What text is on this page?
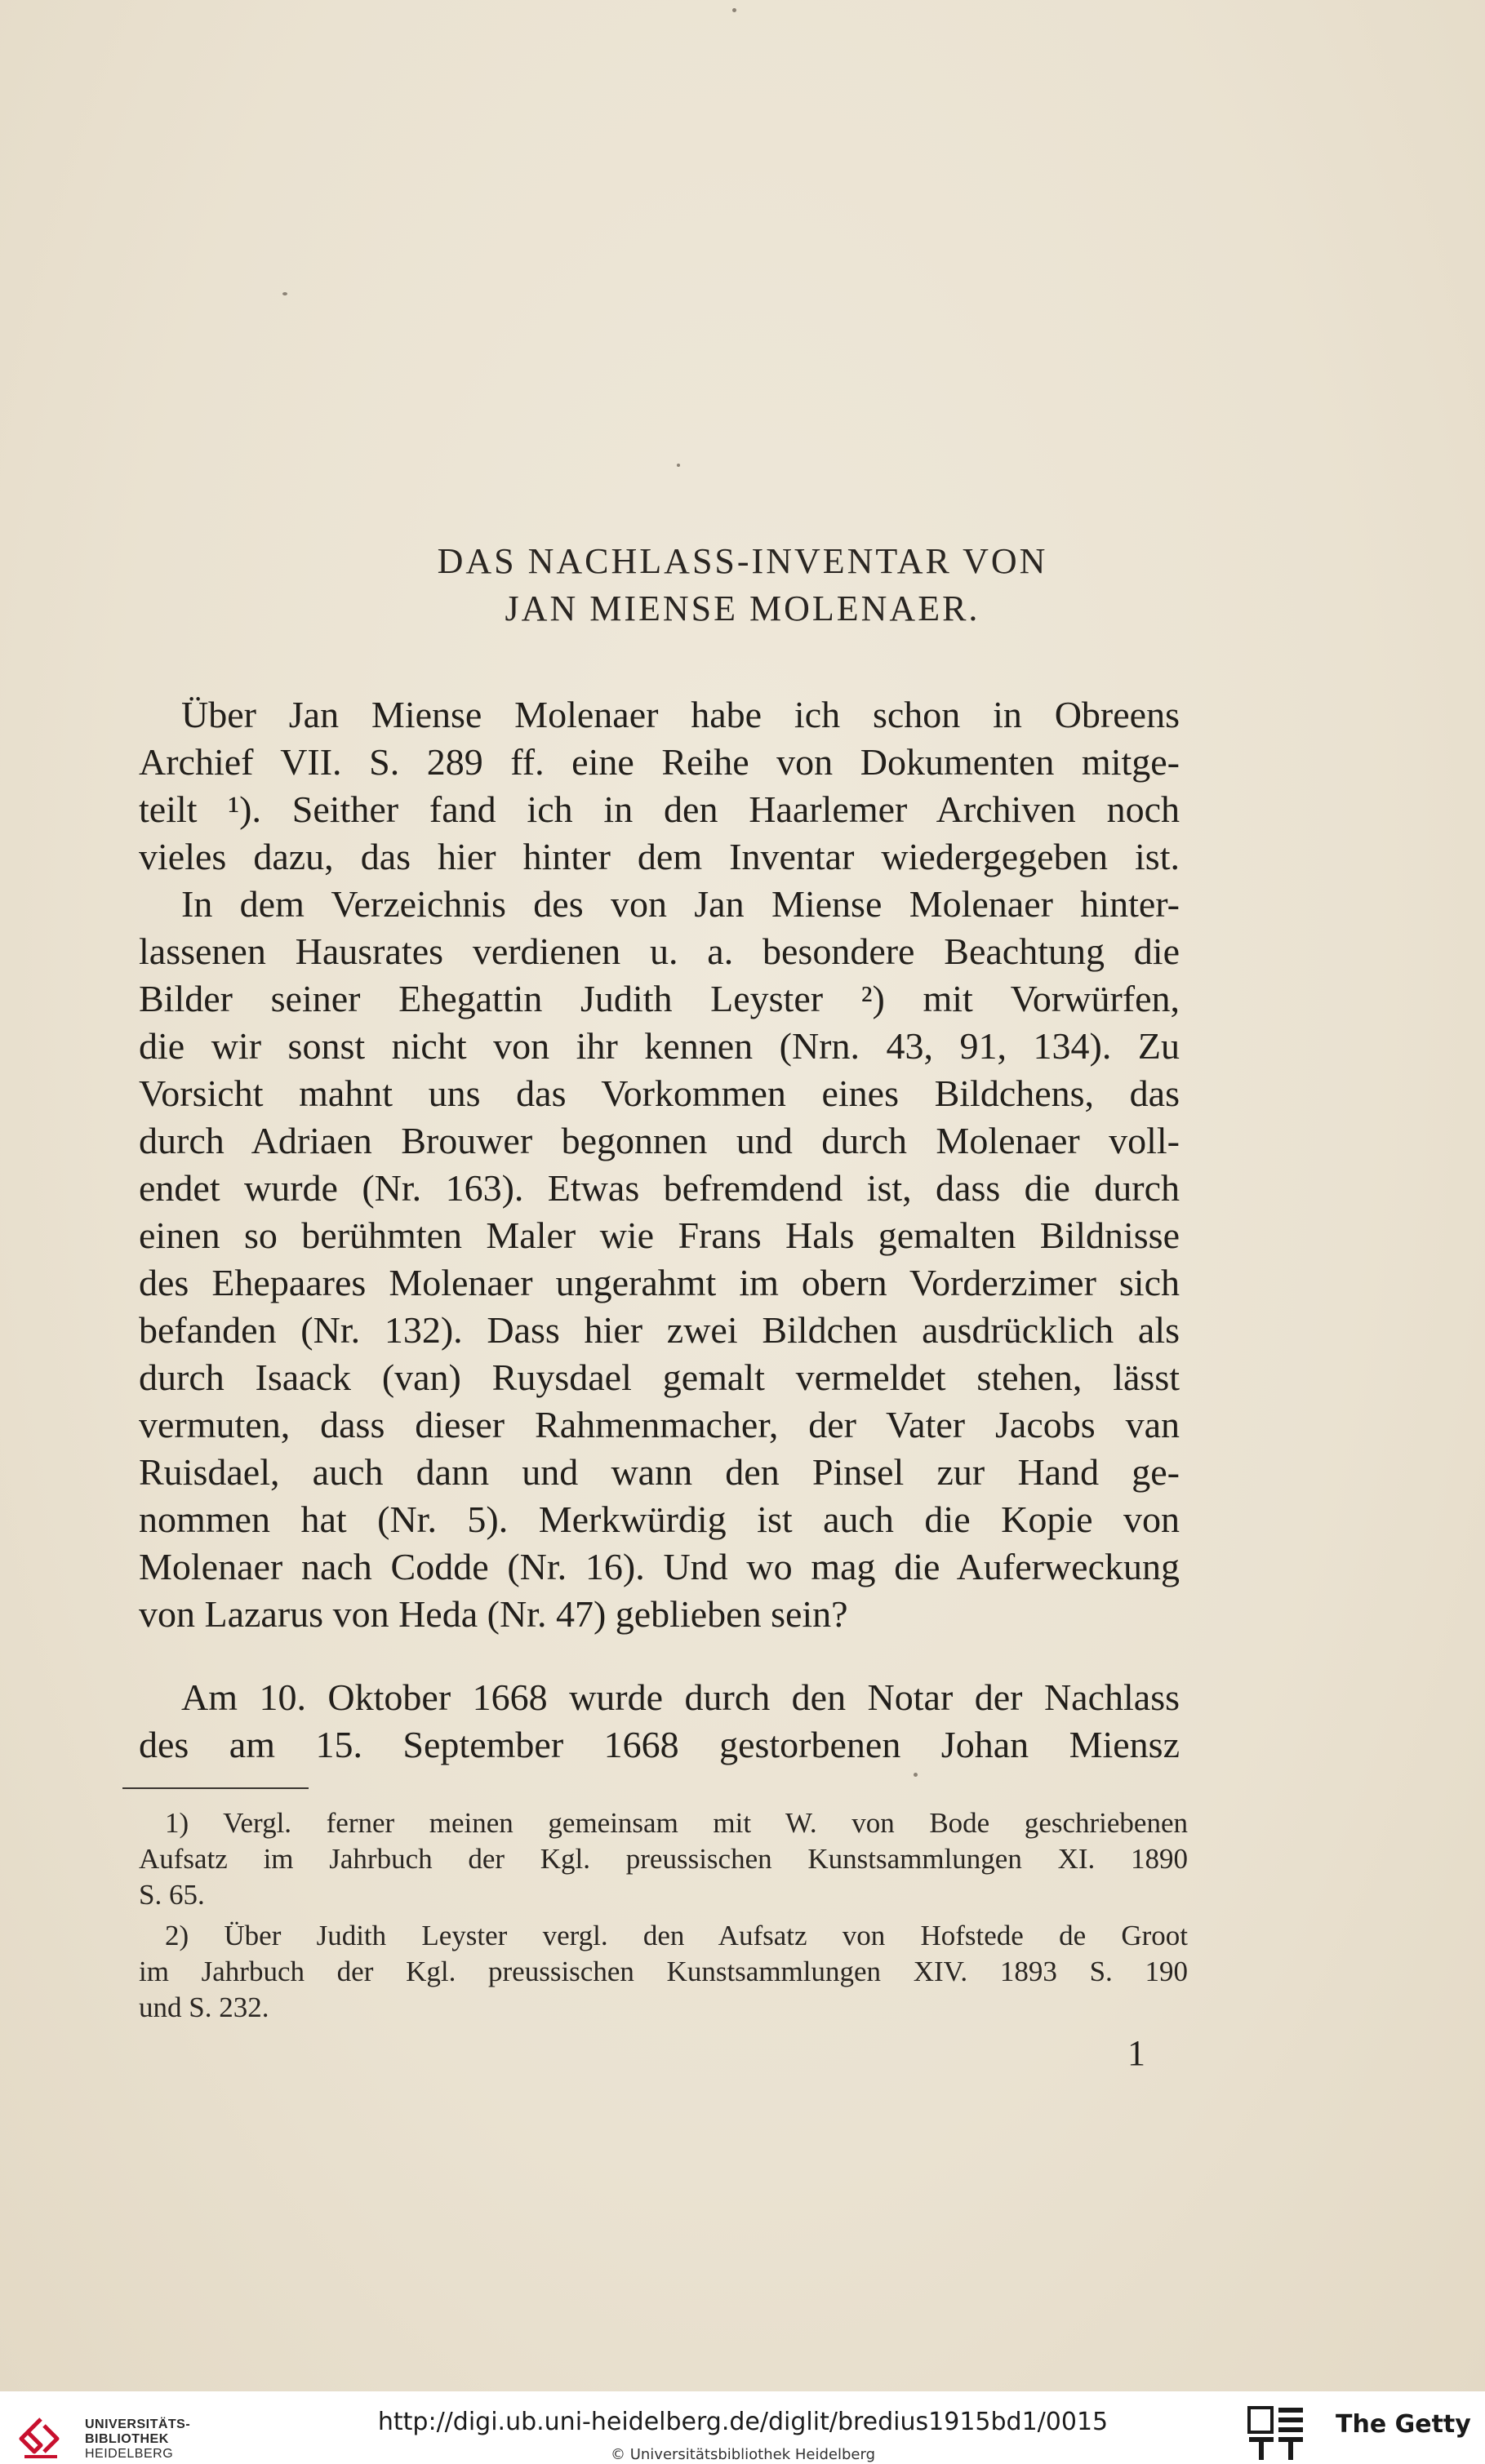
DAS NACHLASS-INVENTAR VON
JAN MIENSE MOLENAER.
Über Jan Miense Molenaer habe ich schon in Obreens
Archief VII. S. 289 ff. eine Reihe von Dokumenten mitge-
teilt ¹). Seither fand ich in den Haarlemer Archiven noch
vieles dazu, das hier hinter dem Inventar wiedergegeben ist.
In dem Verzeichnis des von Jan Miense Molenaer hinter-
lassenen Hausrates verdienen u. a. besondere Beachtung die
Bilder seiner Ehegattin Judith Leyster ²) mit Vorwürfen,
die wir sonst nicht von ihr kennen (Nrn. 43, 91, 134). Zu
Vorsicht mahnt uns das Vorkommen eines Bildchens, das
durch Adriaen Brouwer begonnen und durch Molenaer voll-
endet wurde (Nr. 163). Etwas befremdend ist, dass die durch
einen so berühmten Maler wie Frans Hals gemalten Bildnisse
des Ehepaares Molenaer ungerahmt im obern Vorderzimer sich
befanden (Nr. 132). Dass hier zwei Bildchen ausdrücklich als
durch Isaack (van) Ruysdael gemalt vermeldet stehen, lässt
vermuten, dass dieser Rahmenmacher, der Vater Jacobs van
Ruisdael, auch dann und wann den Pinsel zur Hand ge-
nommen hat (Nr. 5). Merkwürdig ist auch die Kopie von
Molenaer nach Codde (Nr. 16). Und wo mag die Auferweckung
von Lazarus von Heda (Nr. 47) geblieben sein?
Am 10. Oktober 1668 wurde durch den Notar der Nachlass
des am 15. September 1668 gestorbenen Johan Miensz
1) Vergl. ferner meinen gemeinsam mit W. von Bode geschriebenen
Aufsatz im Jahrbuch der Kgl. preussischen Kunstsammlungen XI. 1890
S. 65.
2) Über Judith Leyster vergl. den Aufsatz von Hofstede de Groot
im Jahrbuch der Kgl. preussischen Kunstsammlungen XIV. 1893 S. 190
und S. 232.
1
UNIVERSITÄTS-
BIBLIOTHEK
HEIDELBERG
http://digi.ub.uni-heidelberg.de/diglit/bredius1915bd1/0015
© Universitätsbibliothek Heidelberg
The Getty
